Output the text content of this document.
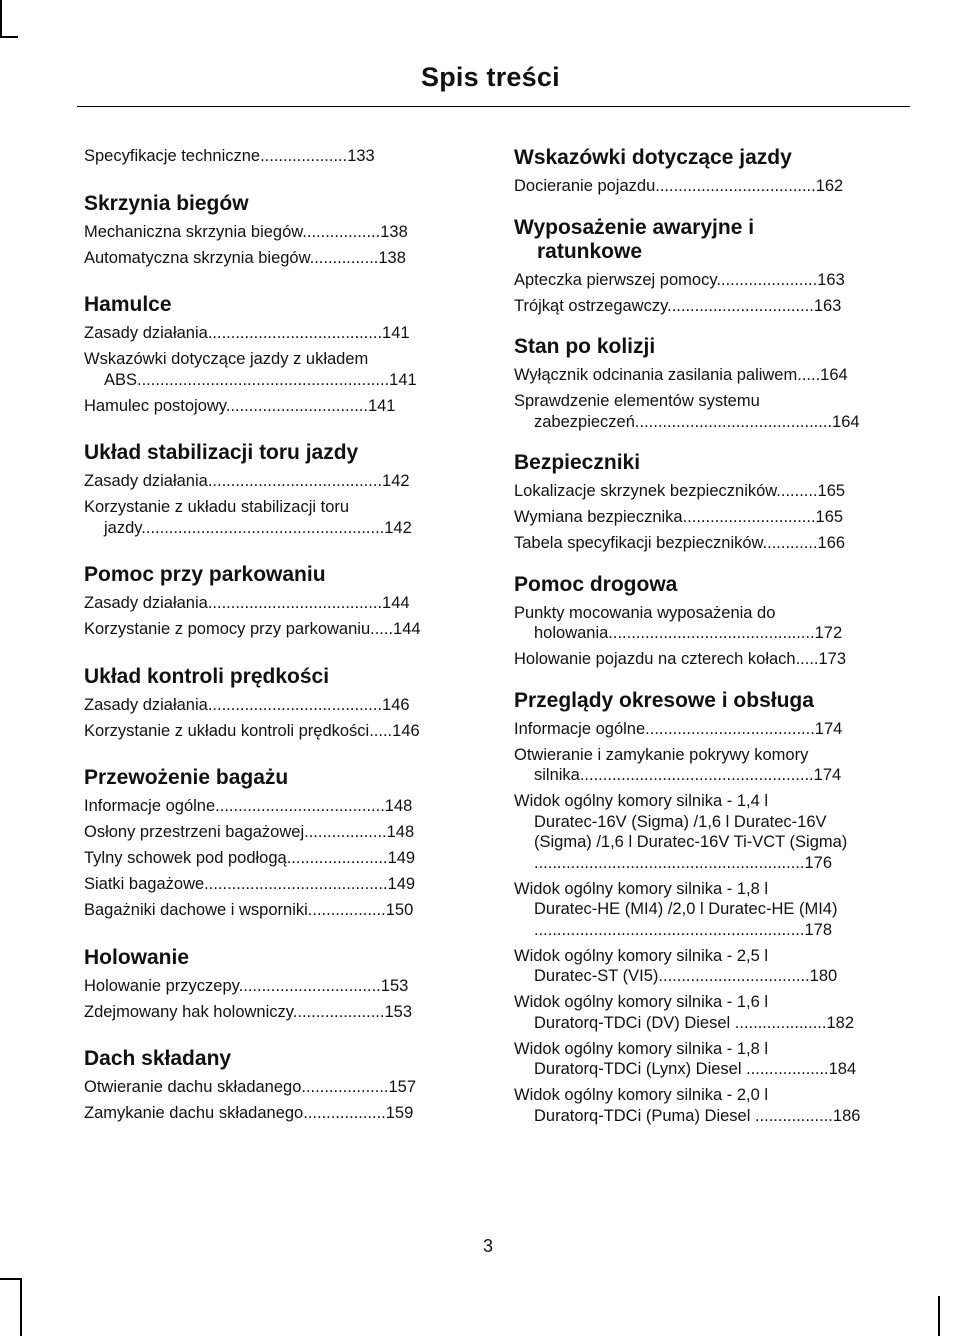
Spis treści
Specyfikacje techniczne...................133
Skrzynia biegów
Mechaniczna skrzynia biegów.................138
Automatyczna skrzynia biegów...............138
Hamulce
Zasady działania......................................141
Wskazówki dotyczące jazdy z układem
ABS.......................................................141
Hamulec postojowy...............................141
Układ stabilizacji toru jazdy
Zasady działania......................................142
Korzystanie z układu stabilizacji toru
jazdy.....................................................142
Pomoc przy parkowaniu
Zasady działania......................................144
Korzystanie z pomocy przy parkowaniu.....144
Układ kontroli prędkości
Zasady działania......................................146
Korzystanie z układu kontroli prędkości.....146
Przewożenie bagażu
Informacje ogólne.....................................148
Osłony przestrzeni bagażowej..................148
Tylny schowek pod podłogą......................149
Siatki bagażowe........................................149
Bagażniki dachowe i wsporniki.................150
Holowanie
Holowanie przyczepy...............................153
Zdejmowany hak holowniczy....................153
Dach składany
Otwieranie dachu składanego...................157
Zamykanie dachu składanego..................159
Wskazówki dotyczące jazdy
Docieranie pojazdu...................................162
Wyposażenie awaryjne i
ratunkowe
Apteczka pierwszej pomocy......................163
Trójkąt ostrzegawczy................................163
Stan po kolizji
Wyłącznik odcinania zasilania paliwem.....164
Sprawdzenie elementów systemu
zabezpieczeń...........................................164
Bezpieczniki
Lokalizacje skrzynek bezpieczników.........165
Wymiana bezpiecznika.............................165
Tabela specyfikacji bezpieczników............166
Pomoc drogowa
Punkty mocowania wyposażenia do
holowania.............................................172
Holowanie pojazdu na czterech kołach.....173
Przeglądy okresowe i obsługa
Informacje ogólne.....................................174
Otwieranie i zamykanie pokrywy komory
silnika...................................................174
Widok ogólny komory silnika - 1,4 l
Duratec-16V (Sigma) /1,6 l Duratec-16V
(Sigma) /1,6 l Duratec-16V Ti-VCT (Sigma)
...........................................................176
Widok ogólny komory silnika - 1,8 l
Duratec-HE (MI4) /2,0 l Duratec-HE (MI4)
...........................................................178
Widok ogólny komory silnika - 2,5 l
Duratec-ST (VI5).................................180
Widok ogólny komory silnika - 1,6 l
Duratorq-TDCi (DV) Diesel ....................182
Widok ogólny komory silnika - 1,8 l
Duratorq-TDCi (Lynx) Diesel ..................184
Widok ogólny komory silnika - 2,0 l
Duratorq-TDCi (Puma) Diesel .................186
3
